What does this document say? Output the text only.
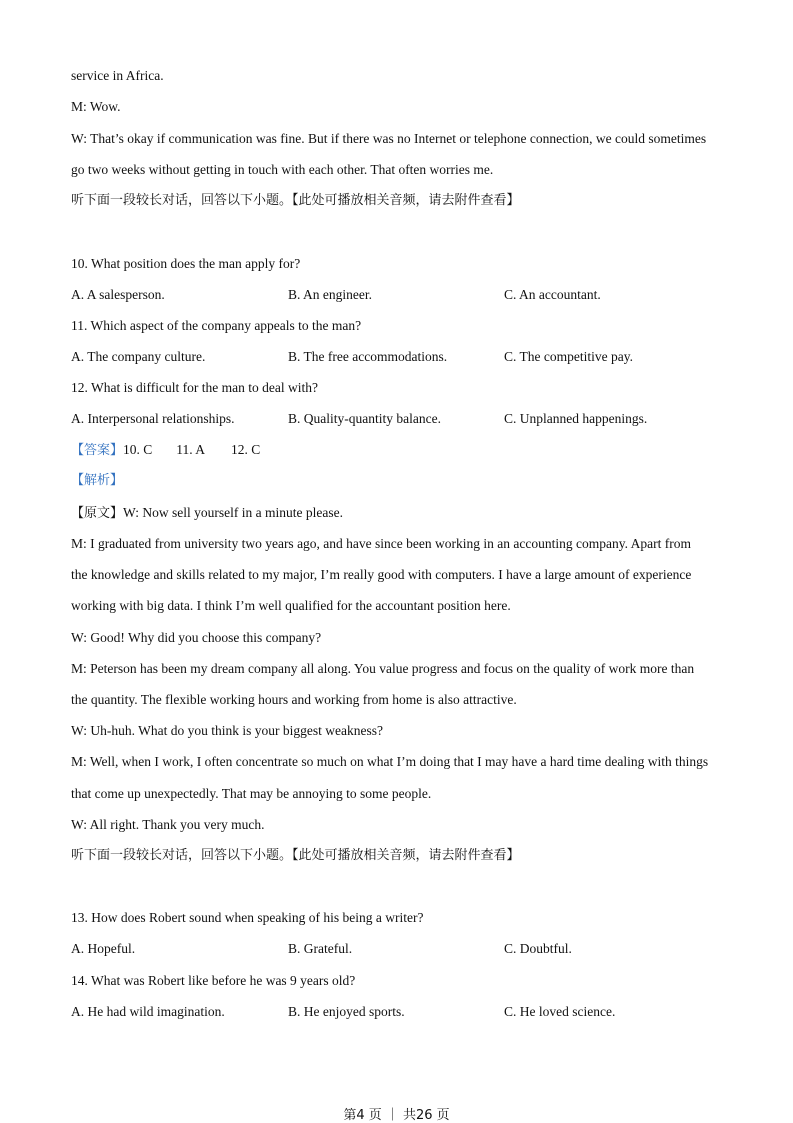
service in Africa.
M: Wow.
W: That’s okay if communication was fine. But if there was no Internet or telephone connection, we could sometimes
go two weeks without getting in touch with each other. That often worries me.
听下面一段较长对话，回答以下小题。【此处可播放相关音频，请去附件查看】
10. What position does the man apply for?
A. A salesperson.	B. An engineer.	C. An accountant.
11. Which aspect of the company appeals to the man?
A. The company culture.	B. The free accommodations.	C. The competitive pay.
12. What is difficult for the man to deal with?
A. Interpersonal relationships.	B. Quality-quantity balance.	C. Unplanned happenings.
【答案】10. C 11. A 12. C
【解析】
【原文】W: Now sell yourself in a minute please.
M: I graduated from university two years ago, and have since been working in an accounting company. Apart from
the knowledge and skills related to my major, I’m really good with computers. I have a large amount of experience
working with big data. I think I’m well qualified for the accountant position here.
W: Good! Why did you choose this company?
M: Peterson has been my dream company all along. You value progress and focus on the quality of work more than
the quantity. The flexible working hours and working from home is also attractive.
W: Uh-huh. What do you think is your biggest weakness?
M: Well, when I work, I often concentrate so much on what I’m doing that I may have a hard time dealing with things
that come up unexpectedly. That may be annoying to some people.
W: All right. Thank you very much.
听下面一段较长对话，回答以下小题。【此处可播放相关音频，请去附件查看】
13. How does Robert sound when speaking of his being a writer?
A. Hopeful.	B. Grateful.	C. Doubtful.
14. What was Robert like before he was 9 years old?
A. He had wild imagination.	B. He enjoyed sports.	C. He loved science.
第4 页 ｜ 共26 页
